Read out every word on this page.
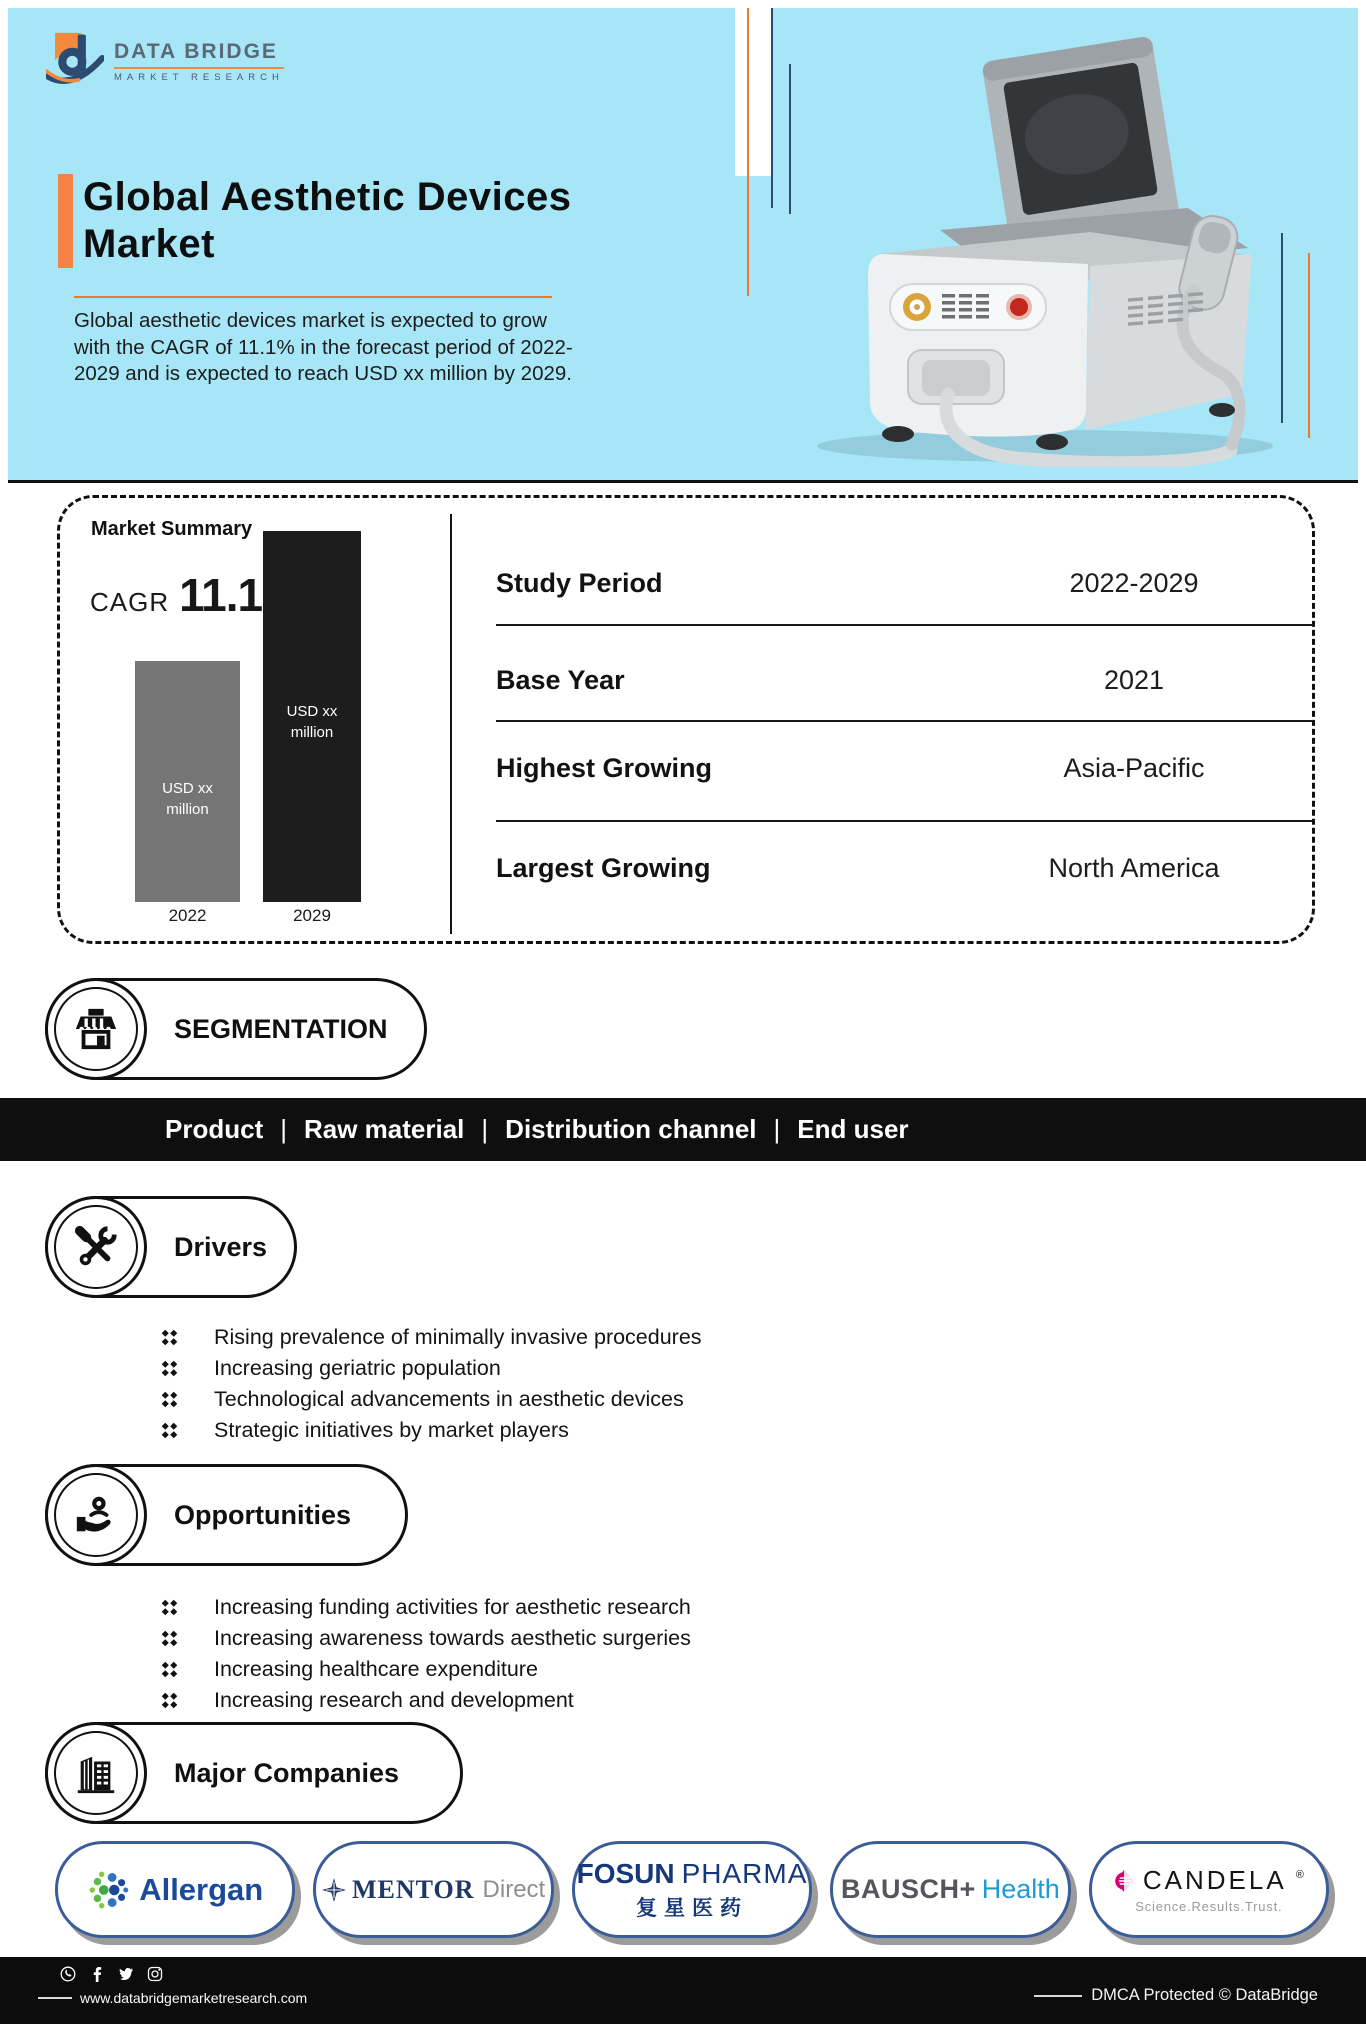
DATA BRIDGE
MARKET RESEARCH
Global Aesthetic Devices
Market

Global aesthetic devices market is expected to grow with the CAGR of 11.1% in the forecast period of 2022-2029 and is expected to reach USD xx million by 2029.

Market Summary
CAGR 11.1
USD xx million
USD xx million
2022	2029
Study Period	2022-2029
Base Year	2021
Highest Growing	Asia-Pacific
Largest Growing	North America
SEGMENTATION
Product | Raw material | Distribution channel | End user
Drivers
Rising prevalence of minimally invasive procedures
Increasing geriatric population
Technological advancements in aesthetic devices
Strategic initiatives by market players
Opportunities
Increasing funding activities for aesthetic research
Increasing awareness towards aesthetic surgeries
Increasing healthcare expenditure
Increasing research and development
Major Companies
Allergan	MENTOR Direct
FOSUN PHARMA
复星医药
BAUSCH+ Health	CANDELA ®
Science.Results.Trust.
www.databridgemarketresearch.com	DMCA Protected © DataBridge
